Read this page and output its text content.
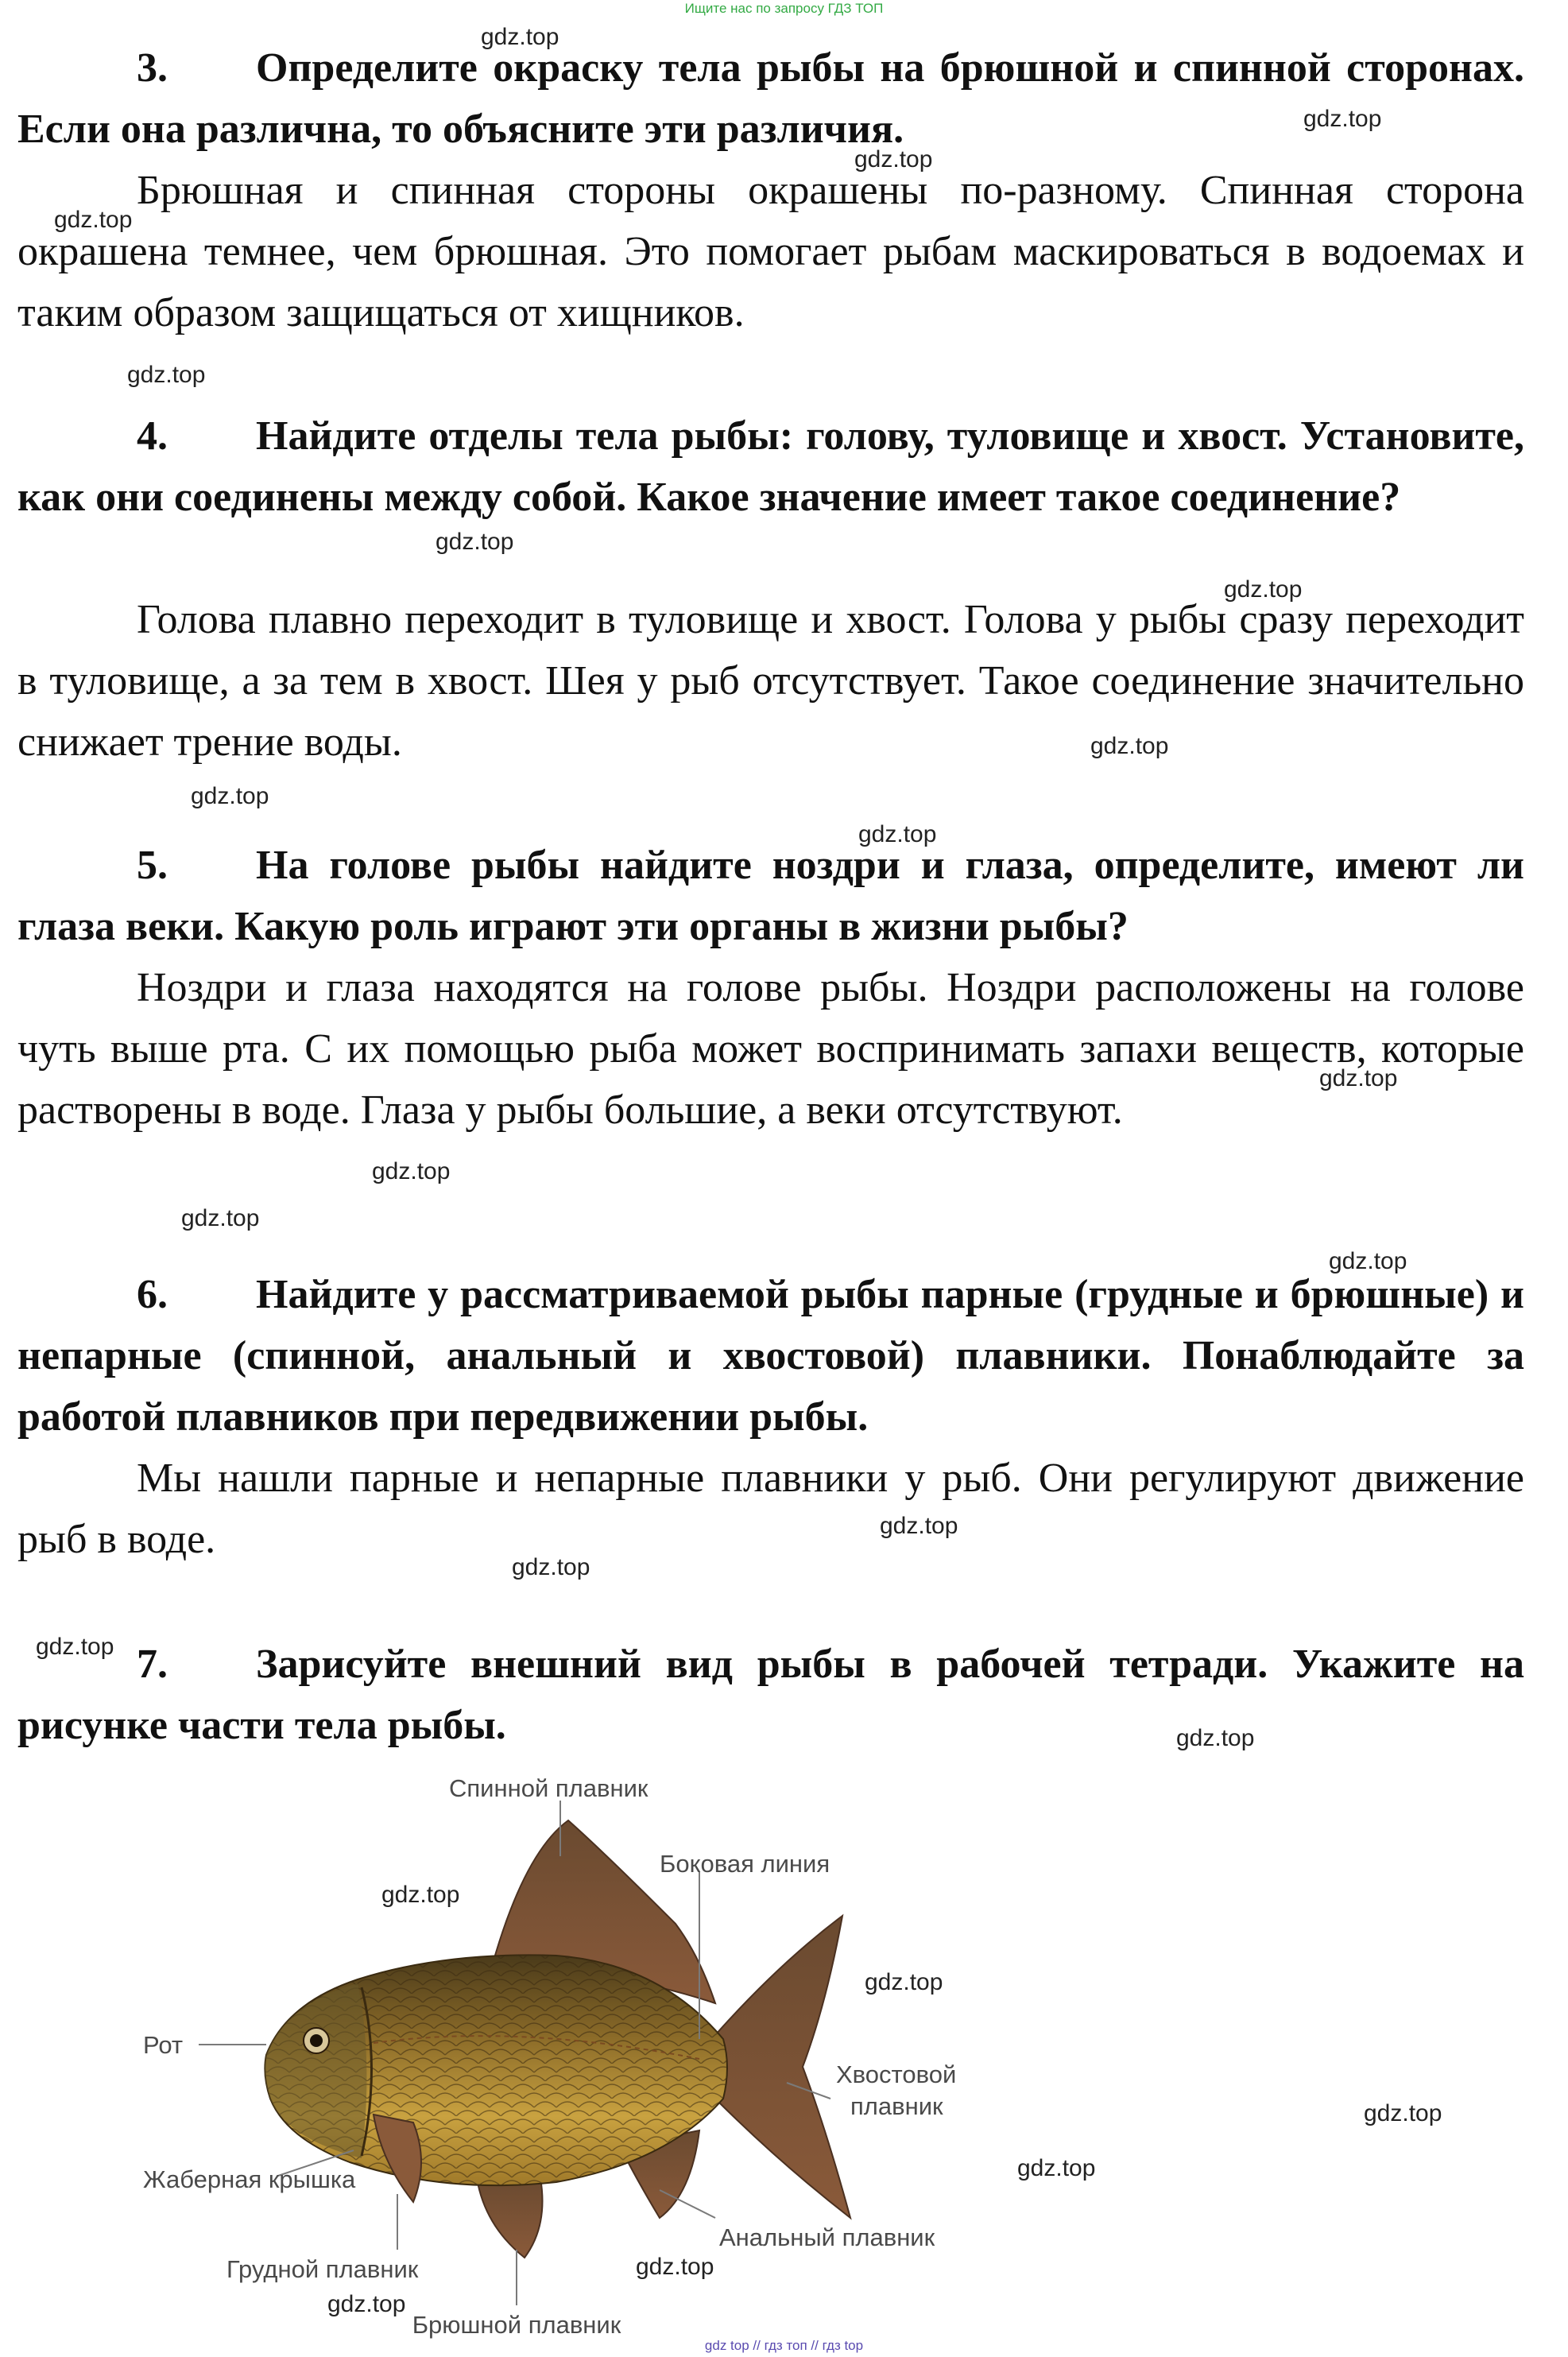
Ищите нас по запросу ГДЗ ТОП
3. Определите окраску тела рыбы на брюшной и спинной сторонах. Если она различна, то объясните эти различия.
Брюшная и спинная стороны окрашены по-разному. Спинная сторона окрашена темнее, чем брюшная. Это помогает рыбам маскироваться в водоемах и таким образом защищаться от хищников.
4. Найдите отделы тела рыбы: голову, туловище и хвост. Установите, как они соединены между собой. Какое значение имеет такое соединение?
Голова плавно переходит в туловище и хвост. Голова у рыбы сразу переходит в туловище, а за тем в хвост. Шея у рыб отсутствует. Такое соединение значительно снижает трение воды.
5. На голове рыбы найдите ноздри и глаза, определите, имеют ли глаза веки. Какую роль играют эти органы в жизни рыбы?
Ноздри и глаза находятся на голове рыбы. Ноздри расположены на голове чуть выше рта. С их помощью рыба может воспринимать запахи веществ, которые растворены в воде. Глаза у рыбы большие, а веки отсутствуют.
6. Найдите у рассматриваемой рыбы парные (грудные и брюшные) и непарные (спинной, анальный и хвостовой) плавники. Понаблюдайте за работой плавников при передвижении рыбы.
Мы нашли парные и непарные плавники у рыб. Они регулируют движение рыб в воде.
7. Зарисуйте внешний вид рыбы в рабочей тетради. Укажите на рисунке части тела рыбы.
Спинной плавник
Боковая линия
Рот
Хвостовой
плавник
Жаберная крышка
Анальный плавник
Грудной плавник
Брюшной плавник
gdz.top
gdz.top
gdz.top
gdz.top
gdz.top
gdz.top
gdz.top
gdz.top
gdz.top
gdz.top
gdz.top
gdz.top
gdz.top
gdz.top
gdz.top
gdz.top
gdz.top
gdz.top
gdz.top
gdz.top
gdz.top
gdz.top
gdz.top
gdz.top
gdz top // гдз топ // гдз top
